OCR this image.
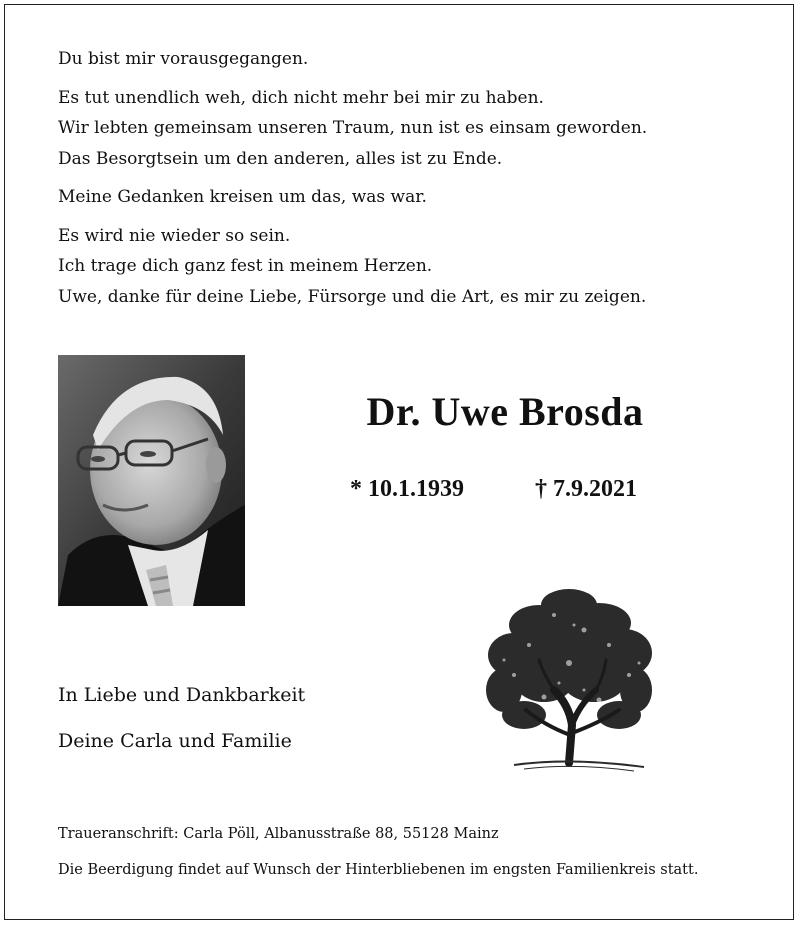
Du bist mir vorausgegangen.
Es tut unendlich weh, dich nicht mehr bei mir zu haben.
Wir lebten gemeinsam unseren Traum, nun ist es einsam geworden.
Das Besorgtsein um den anderen, alles ist zu Ende.
Meine Gedanken kreisen um das, was war.
Es wird nie wieder so sein.
Ich trage dich ganz fest in meinem Herzen.
Uwe, danke für deine Liebe, Fürsorge und die Art, es mir zu zeigen.
Dr. Uwe Brosda
* 10.1.1939	† 7.9.2021
In Liebe und Dankbarkeit
Deine Carla und Familie
Traueranschrift: Carla Pöll, Albanusstraße 88, 55128 Mainz
Die Beerdigung findet auf Wunsch der Hinterbliebenen im engsten Familienkreis statt.
